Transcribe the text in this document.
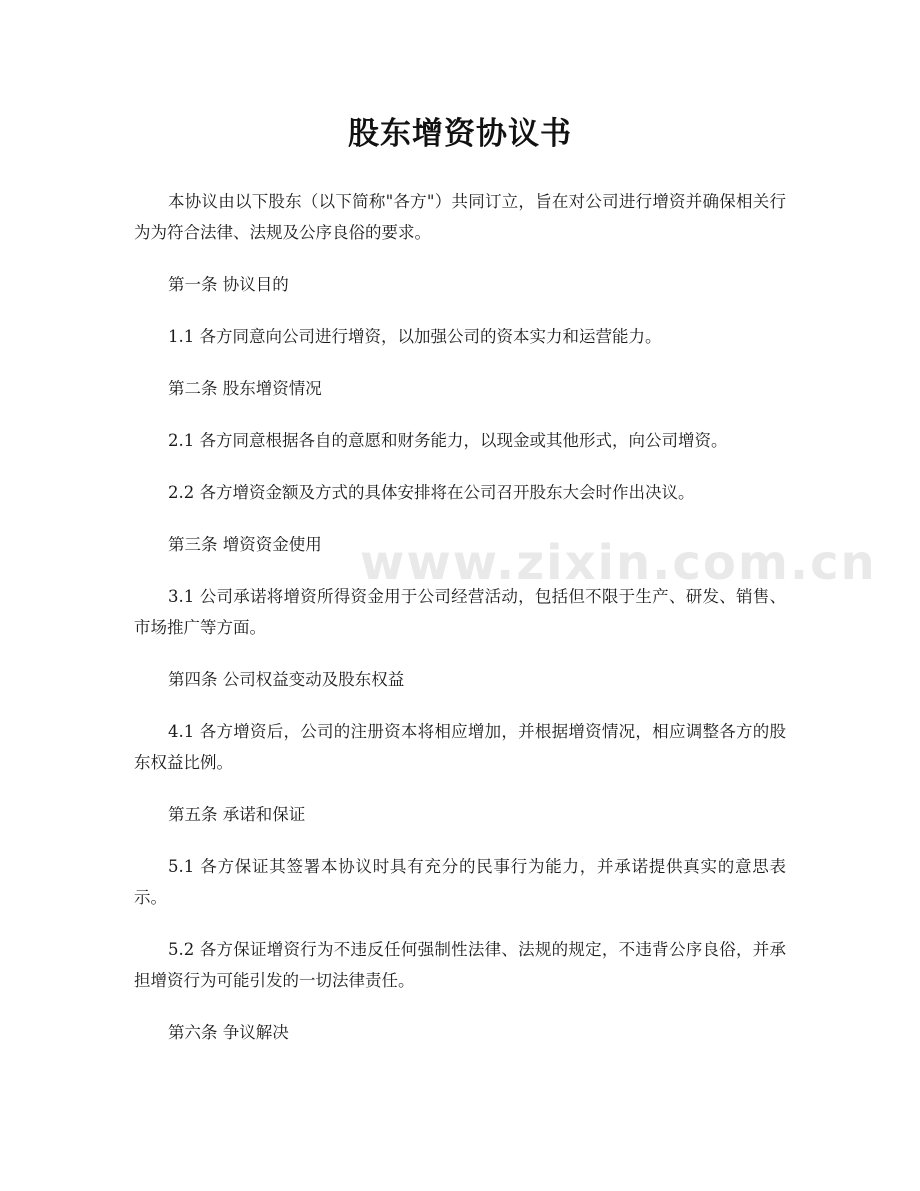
www.zixin.com.cn
股东增资协议书

本协议由以下股东（以下简称"各方"）共同订立，旨在对公司进行增资并确保相关行为为符合法律、法规及公序良俗的要求。

第一条 协议目的

1.1 各方同意向公司进行增资，以加强公司的资本实力和运营能力。

第二条 股东增资情况

2.1 各方同意根据各自的意愿和财务能力，以现金或其他形式，向公司增资。

2.2 各方增资金额及方式的具体安排将在公司召开股东大会时作出决议。

第三条 增资资金使用

3.1 公司承诺将增资所得资金用于公司经营活动，包括但不限于生产、研发、销售、市场推广等方面。

第四条 公司权益变动及股东权益

4.1 各方增资后，公司的注册资本将相应增加，并根据增资情况，相应调整各方的股东权益比例。

第五条 承诺和保证

5.1 各方保证其签署本协议时具有充分的民事行为能力，并承诺提供真实的意思表示。

5.2 各方保证增资行为不违反任何强制性法律、法规的规定，不违背公序良俗，并承担增资行为可能引发的一切法律责任。

第六条 争议解决
